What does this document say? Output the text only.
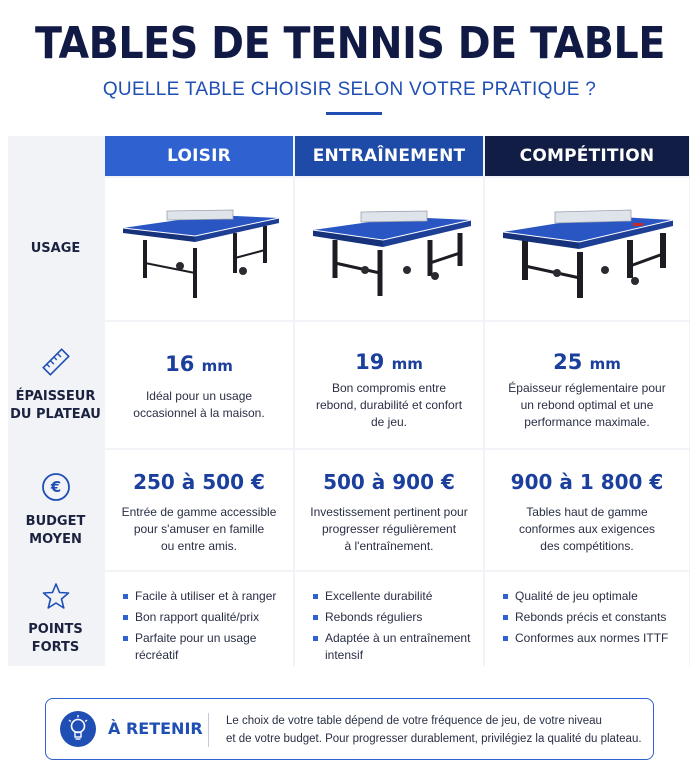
TABLES DE TENNIS DE TABLE
QUELLE TABLE CHOISIR SELON VOTRE PRATIQUE ?
LOISIR	ENTRAÎNEMENT	COMPÉTITION
USAGE
ÉPAISSEUR
DU PLATEAU
16 mm
Idéal pour un usage
occasionnel à la maison.
19 mm
Bon compromis entre
rebond, durabilité et confort
de jeu.
25 mm
Épaisseur réglementaire pour
un rebond optimal et une
performance maximale.
€
BUDGET
MOYEN
250 à 500 €
Entrée de gamme accessible
pour s'amuser en famille
ou entre amis.
500 à 900 €
Investissement pertinent pour
progresser régulièrement
à l'entraînement.
900 à 1 800 €
Tables haut de gamme
conformes aux exigences
des compétitions.
POINTS
FORTS
Facile à utiliser et à ranger
Bon rapport qualité/prix
Parfaite pour un usage récréatif
Excellente durabilité
Rebonds réguliers
Adaptée à un entraînement intensif
Qualité de jeu optimale
Rebonds précis et constants
Conformes aux normes ITTF
À RETENIR Le choix de votre table dépend de votre fréquence de jeu, de votre niveau
et de votre budget. Pour progresser durablement, privilégiez la qualité du plateau.
